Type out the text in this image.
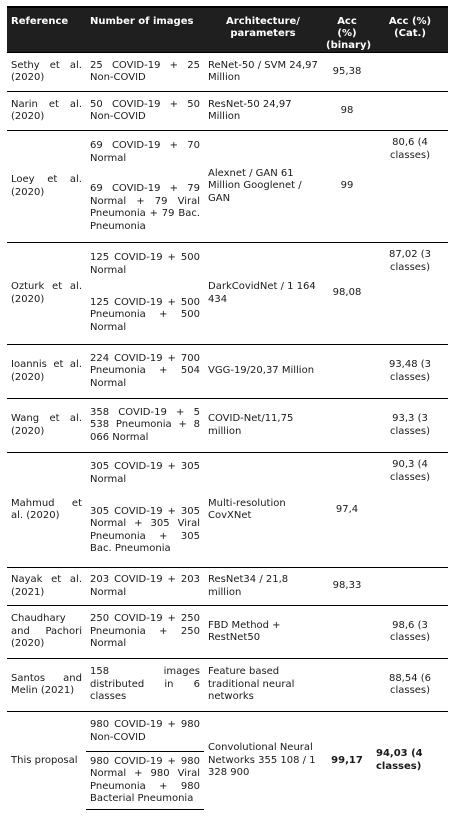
Reference	Number of images	Architecture/ parameters	Acc (%) (binary)	Acc (%) (Cat.)
Sethy et al. (2020)	25 COVID-19 + 25 Non-COVID	ReNet-50 / SVM 24,97 Million	95,38	
Narin et al. (2020)	50 COVID-19 + 50 Non-COVID	ResNet-50 24,97 Million	98	
Loey et al. (2020)	69 COVID-19 + 70 Normal	Alexnet / GAN 61 Million Googlenet / GAN	99	80,6 (4 classes)
	69 COVID-19 + 79 Normal + 79 Viral Pneumonia + 79 Bac. Pneumonia			
Ozturk et al. (2020)	125 COVID-19 + 500 Normal	DarkCovidNet / 1 164 434	98,08	87,02 (3 classes)
	125 COVID-19 + 500 Pneumonia + 500 Normal			
Ioannis et al. (2020)	224 COVID-19 + 700 Pneumonia + 504 Normal	VGG-19/20,37 Million		93,48 (3 classes)
Wang et al. (2020)	358 COVID-19 + 5 538 Pneumonia + 8 066 Normal	COVID-Net/11,75 million		93,3 (3 classes)
Mahmud et al. (2020)	305 COVID-19 + 305 Normal	Multi-resolution CovXNet	97,4	90,3 (4 classes)
	305 COVID-19 + 305 Normal + 305 Viral Pneumonia + 305 Bac. Pneumonia			
Nayak et al. (2021)	203 COVID-19 + 203 Normal	ResNet34 / 21,8 million	98,33	
Chaudhary and Pachori (2020)	250 COVID-19 + 250 Pneumonia + 250 Normal	FBD Method + RestNet50		98,6 (3 classes)
Santos and Melin (2021)	158 images distributed in 6 classes	Feature based traditional neural networks		88,54 (6 classes)
This proposal	980 COVID-19 + 980 Non-COVID	Convolutional Neural Networks 355 108 / 1 328 900	99,17	94,03 (4 classes)
	980 COVID-19 + 980 Normal + 980 Viral Pneumonia + 980 Bacterial Pneumonia			
